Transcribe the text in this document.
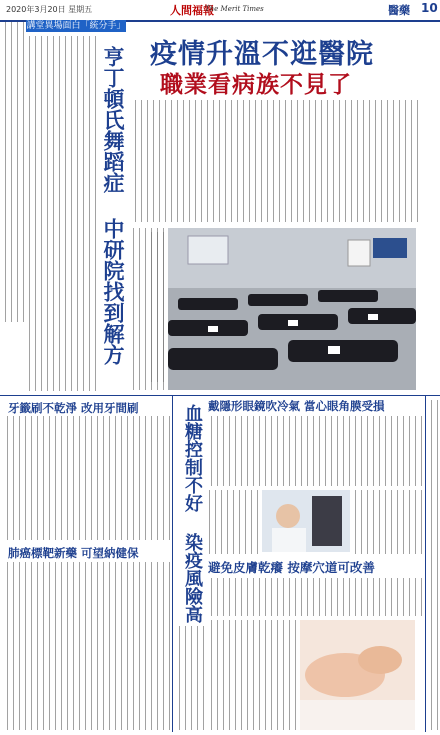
2020年3月20日 星期五	人間福報
The Merit Times	醫藥 10
講堂異場面白「統分手」
亨丁頓氏舞蹈症 中研院找到解方 疫情升溫不逛醫院
職業看病族不見了
牙籤刷不乾淨 改用牙間刷
肺癌標靶新藥 可望納健保 血糖控制不好 染疫風險高 戴隱形眼鏡吹冷氣 當心眼角膜受損
避免皮膚乾癢 按摩穴道可改善
